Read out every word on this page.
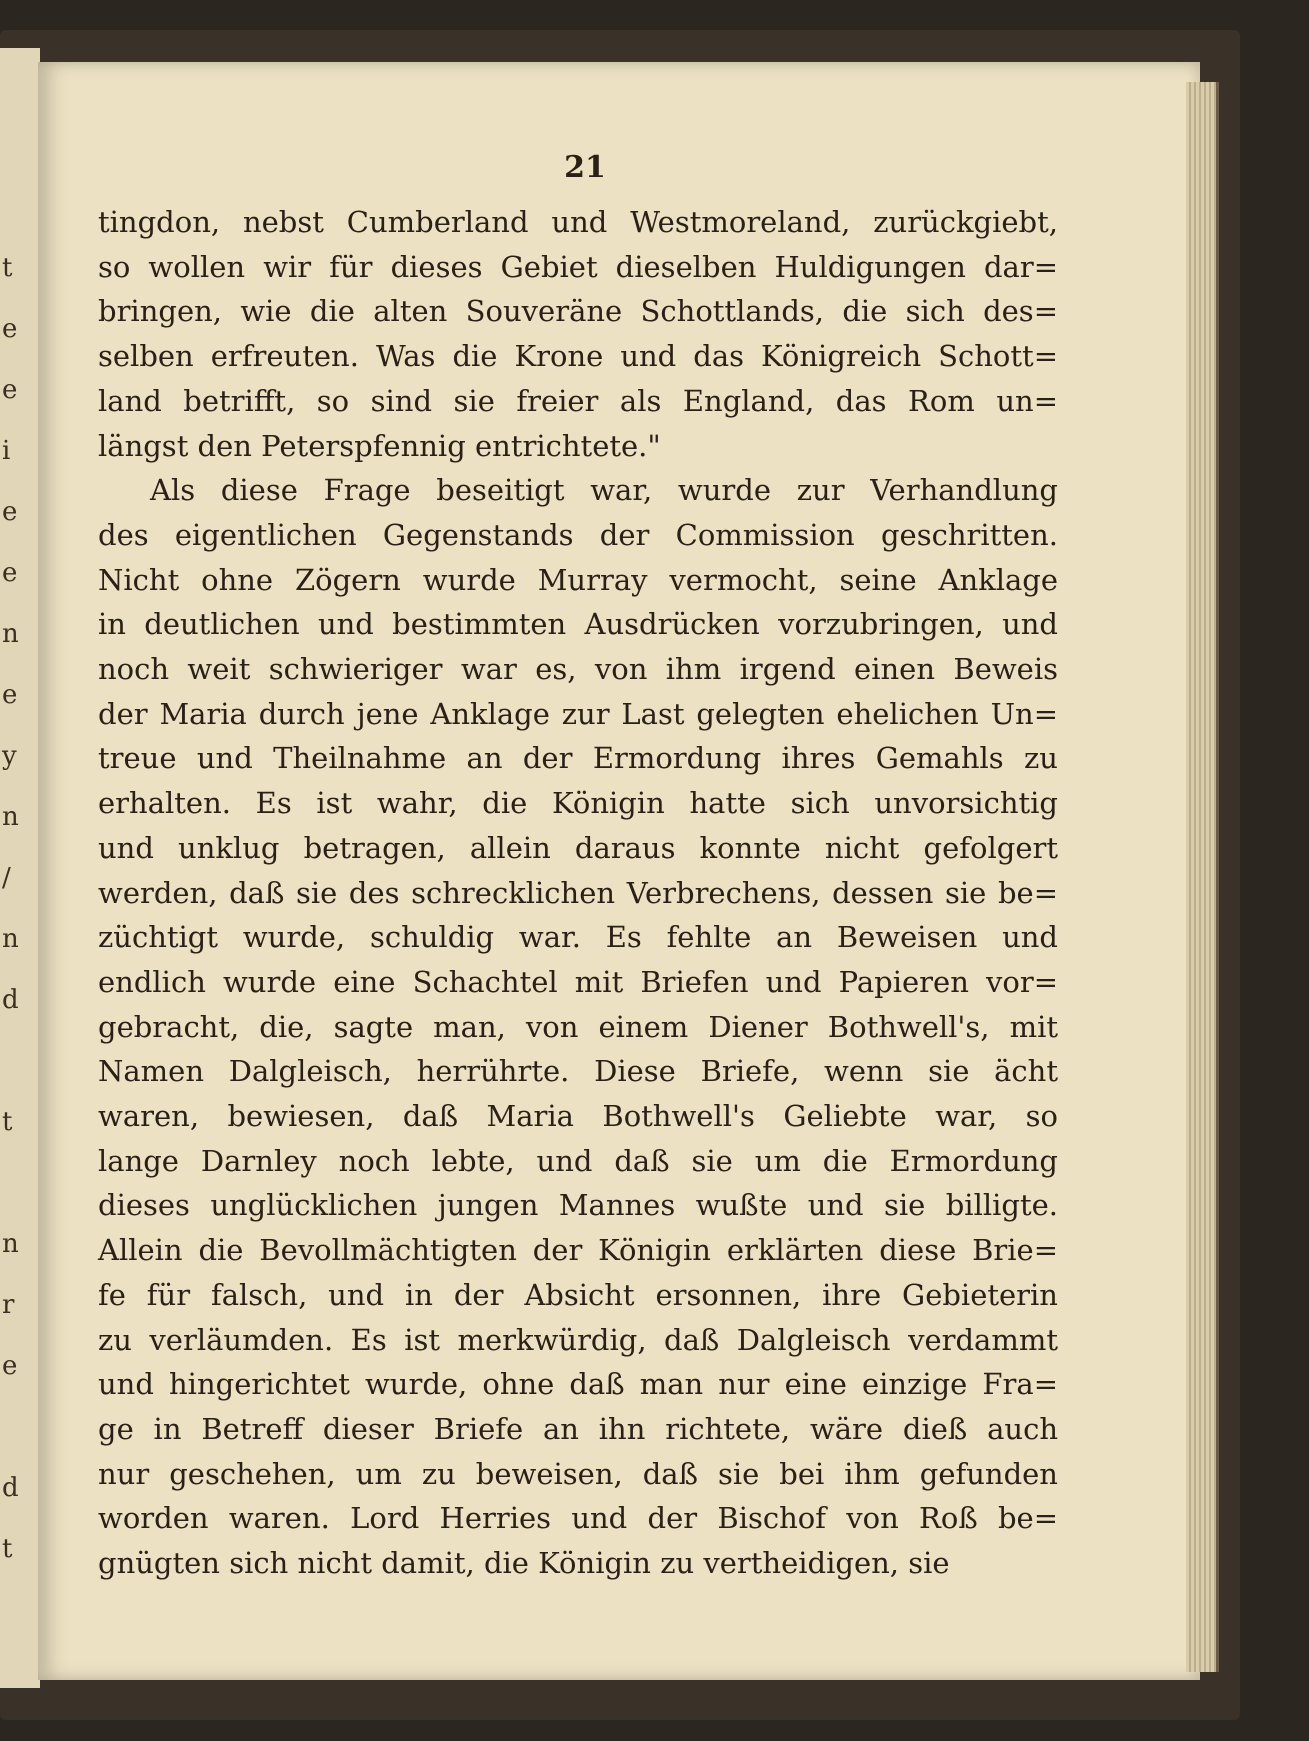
t
e
e
i
e
e
n
e
y
n
/
n
d
t
n
r
e
d
t
21
tingdon, nebst Cumberland und Westmoreland, zurückgiebt,
so wollen wir für dieses Gebiet dieselben Huldigungen dar=
bringen, wie die alten Souveräne Schottlands, die sich des=
selben erfreuten. Was die Krone und das Königreich Schott=
land betrifft, so sind sie freier als England, das Rom un=
längst den Peterspfennig entrichtete."
Als diese Frage beseitigt war, wurde zur Verhandlung
des eigentlichen Gegenstands der Commission geschritten.
Nicht ohne Zögern wurde Murray vermocht, seine Anklage
in deutlichen und bestimmten Ausdrücken vorzubringen, und
noch weit schwieriger war es, von ihm irgend einen Beweis
der Maria durch jene Anklage zur Last gelegten ehelichen Un=
treue und Theilnahme an der Ermordung ihres Gemahls zu
erhalten. Es ist wahr, die Königin hatte sich unvorsichtig
und unklug betragen, allein daraus konnte nicht gefolgert
werden, daß sie des schrecklichen Verbrechens, dessen sie be=
züchtigt wurde, schuldig war. Es fehlte an Beweisen und
endlich wurde eine Schachtel mit Briefen und Papieren vor=
gebracht, die, sagte man, von einem Diener Bothwell's, mit
Namen Dalgleisch, herrührte. Diese Briefe, wenn sie ächt
waren, bewiesen, daß Maria Bothwell's Geliebte war, so
lange Darnley noch lebte, und daß sie um die Ermordung
dieses unglücklichen jungen Mannes wußte und sie billigte.
Allein die Bevollmächtigten der Königin erklärten diese Brie=
fe für falsch, und in der Absicht ersonnen, ihre Gebieterin
zu verläumden. Es ist merkwürdig, daß Dalgleisch verdammt
und hingerichtet wurde, ohne daß man nur eine einzige Fra=
ge in Betreff dieser Briefe an ihn richtete, wäre dieß auch
nur geschehen, um zu beweisen, daß sie bei ihm gefunden
worden waren. Lord Herries und der Bischof von Roß be=
gnügten sich nicht damit, die Königin zu vertheidigen, sie
